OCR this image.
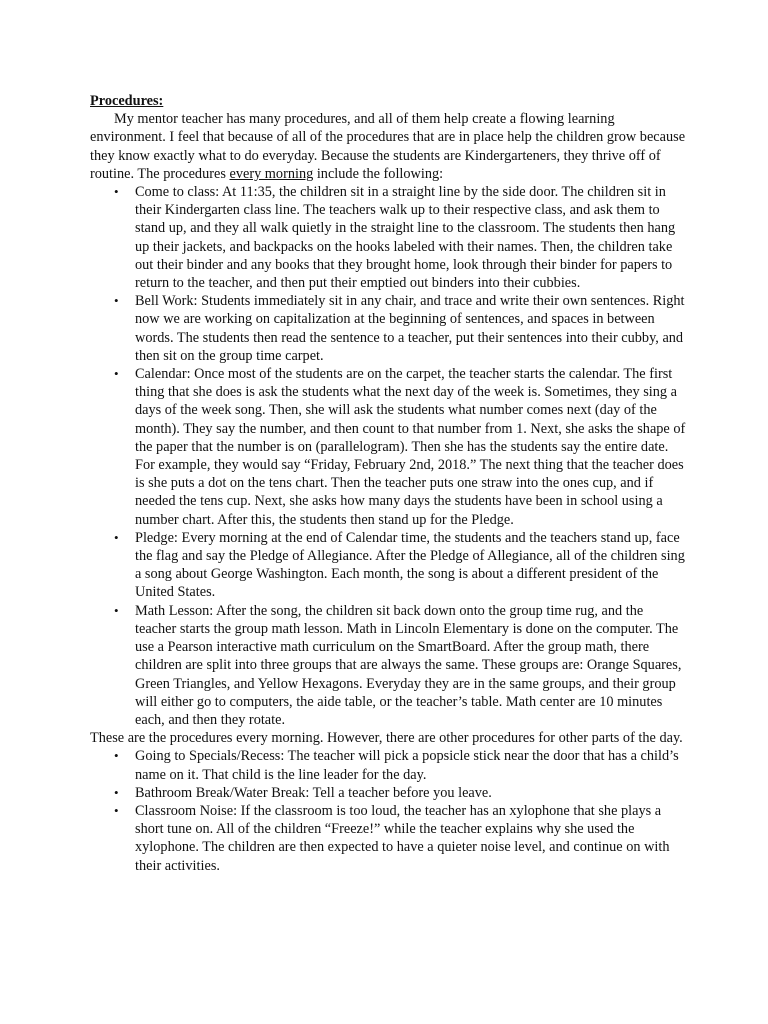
Procedures:

My mentor teacher has many procedures, and all of them help create a flowing learning environment. I feel that because of all of the procedures that are in place help the children grow because they know exactly what to do everyday. Because the students are Kindergarteners, they thrive off of routine. The procedures every morning include the following:

• Come to class: At 11:35, the children sit in a straight line by the side door. The children sit in their Kindergarten class line. The teachers walk up to their respective class, and ask them to stand up, and they all walk quietly in the straight line to the classroom. The students then hang up their jackets, and backpacks on the hooks labeled with their names. Then, the children take out their binder and any books that they brought home, look through their binder for papers to return to the teacher, and then put their emptied out binders into their cubbies.
• Bell Work: Students immediately sit in any chair, and trace and write their own sentences. Right now we are working on capitalization at the beginning of sentences, and spaces in between words. The students then read the sentence to a teacher, put their sentences into their cubby, and then sit on the group time carpet.
• Calendar: Once most of the students are on the carpet, the teacher starts the calendar. The first thing that she does is ask the students what the next day of the week is. Sometimes, they sing a days of the week song. Then, she will ask the students what number comes next (day of the month). They say the number, and then count to that number from 1. Next, she asks the shape of the paper that the number is on (parallelogram). Then she has the students say the entire date. For example, they would say “Friday, February 2nd, 2018.” The next thing that the teacher does is she puts a dot on the tens chart. Then the teacher puts one straw into the ones cup, and if needed the tens cup. Next, she asks how many days the students have been in school using a number chart. After this, the students then stand up for the Pledge.
• Pledge: Every morning at the end of Calendar time, the students and the teachers stand up, face the flag and say the Pledge of Allegiance. After the Pledge of Allegiance, all of the children sing a song about George Washington. Each month, the song is about a different president of the United States.
• Math Lesson: After the song, the children sit back down onto the group time rug, and the teacher starts the group math lesson. Math in Lincoln Elementary is done on the computer. The use a Pearson interactive math curriculum on the SmartBoard. After the group math, there children are split into three groups that are always the same. These groups are: Orange Squares, Green Triangles, and Yellow Hexagons. Everyday they are in the same groups, and their group will either go to computers, the aide table, or the teacher’s table. Math center are 10 minutes each, and then they rotate.

These are the procedures every morning. However, there are other procedures for other parts of the day.

• Going to Specials/Recess: The teacher will pick a popsicle stick near the door that has a child’s name on it. That child is the line leader for the day.
• Bathroom Break/Water Break: Tell a teacher before you leave.
• Classroom Noise: If the classroom is too loud, the teacher has an xylophone that she plays a short tune on. All of the children “Freeze!” while the teacher explains why she used the xylophone. The children are then expected to have a quieter noise level, and continue on with their activities.
